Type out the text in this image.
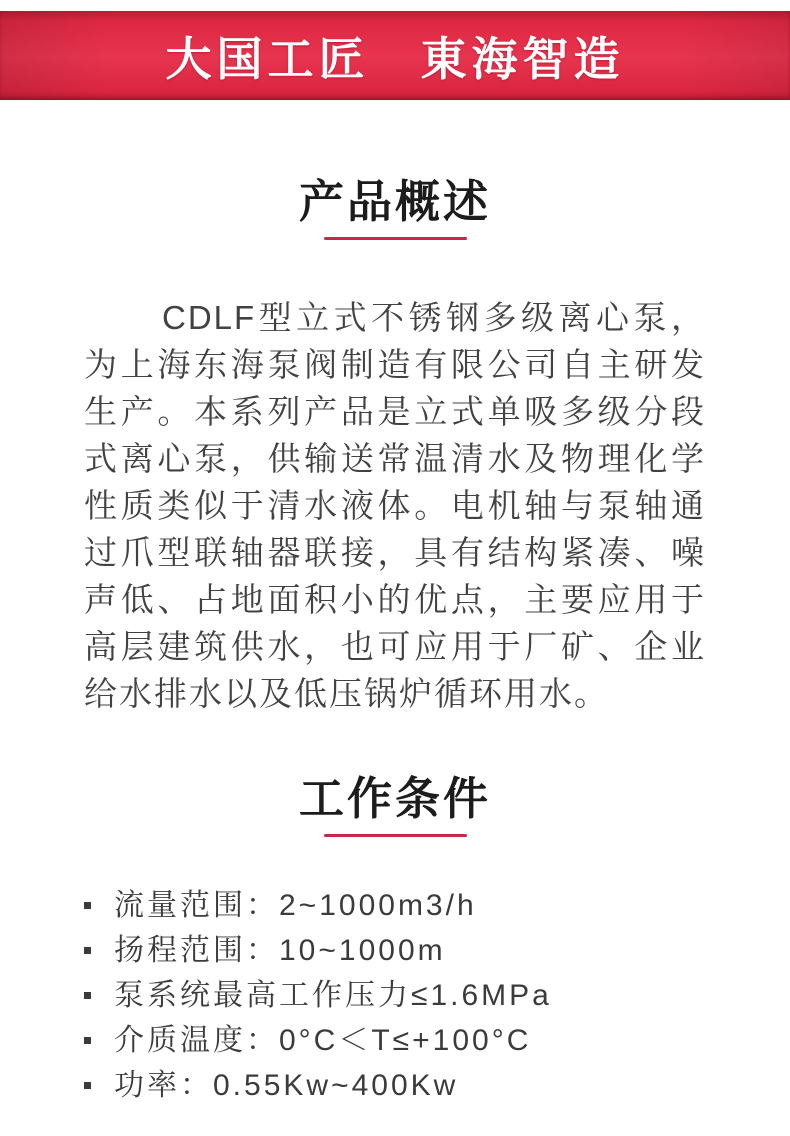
大国工匠　東海智造
产品概述
CDLF型立式不锈钢多级离心泵，为上海东海泵阀制造有限公司自主研发生产。本系列产品是立式单吸多级分段式离心泵，供输送常温清水及物理化学性质类似于清水液体。电机轴与泵轴通过爪型联轴器联接，具有结构紧凑、噪声低、占地面积小的优点，主要应用于高层建筑供水，也可应用于厂矿、企业给水排水以及低压锅炉循环用水。
工作条件
流量范围：2~1000m3/h
扬程范围：10~1000m
泵系统最高工作压力≤1.6MPa
介质温度：0°C＜T≤+100°C
功率：0.55Kw~400Kw
